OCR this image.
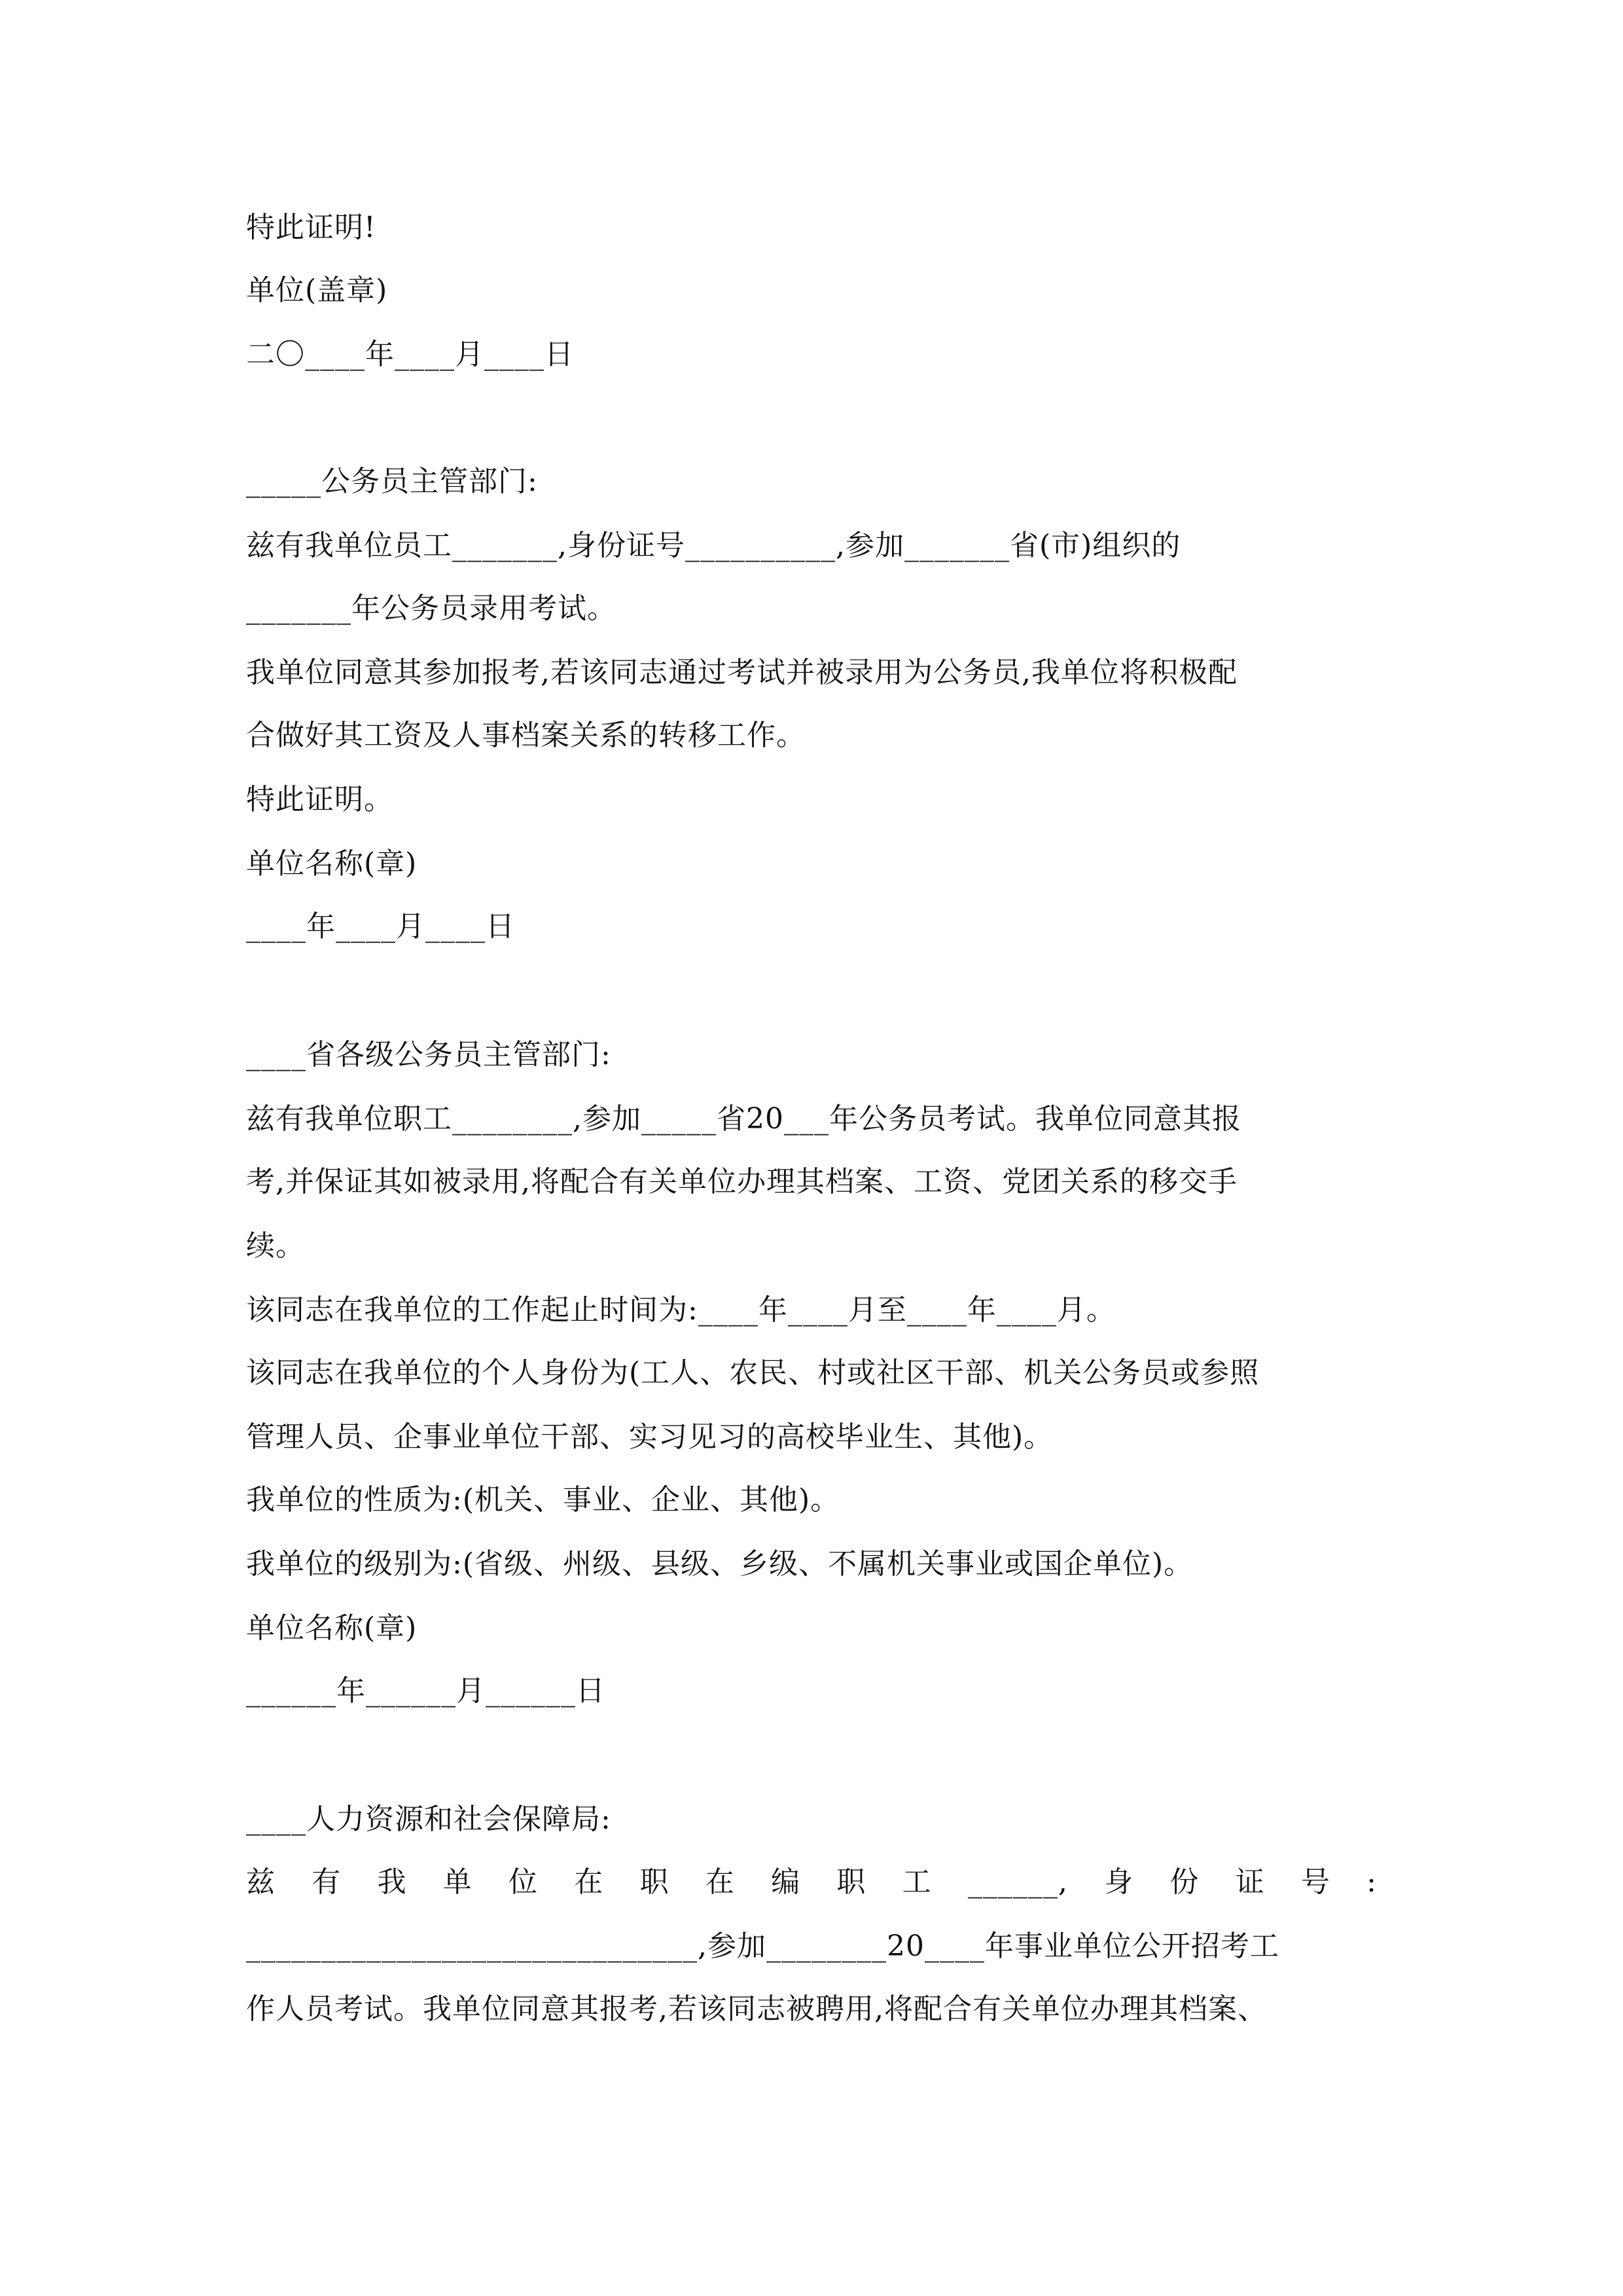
特此证明!
单位(盖章)
二〇____年____月____日
_____公务员主管部门:
兹有我单位员工_______,身份证号__________,参加_______省(市)组织的
_______年公务员录用考试。
我单位同意其参加报考,若该同志通过考试并被录用为公务员,我单位将积极配
合做好其工资及人事档案关系的转移工作。
特此证明。
单位名称(章)
____年____月____日
____省各级公务员主管部门:
兹有我单位职工________,参加_____省20___年公务员考试。我单位同意其报
考,并保证其如被录用,将配合有关单位办理其档案、工资、党团关系的移交手
续。
该同志在我单位的工作起止时间为:____年____月至____年____月。
该同志在我单位的个人身份为(工人、农民、村或社区干部、机关公务员或参照
管理人员、企事业单位干部、实习见习的高校毕业生、其他)。
我单位的性质为:(机关、事业、企业、其他)。
我单位的级别为:(省级、州级、县级、乡级、不属机关事业或国企单位)。
单位名称(章)
______年______月______日
____人力资源和社会保障局:
兹有我单位在职在编职工______,身份证号:
______________________________,参加________20____年事业单位公开招考工
作人员考试。我单位同意其报考,若该同志被聘用,将配合有关单位办理其档案、
